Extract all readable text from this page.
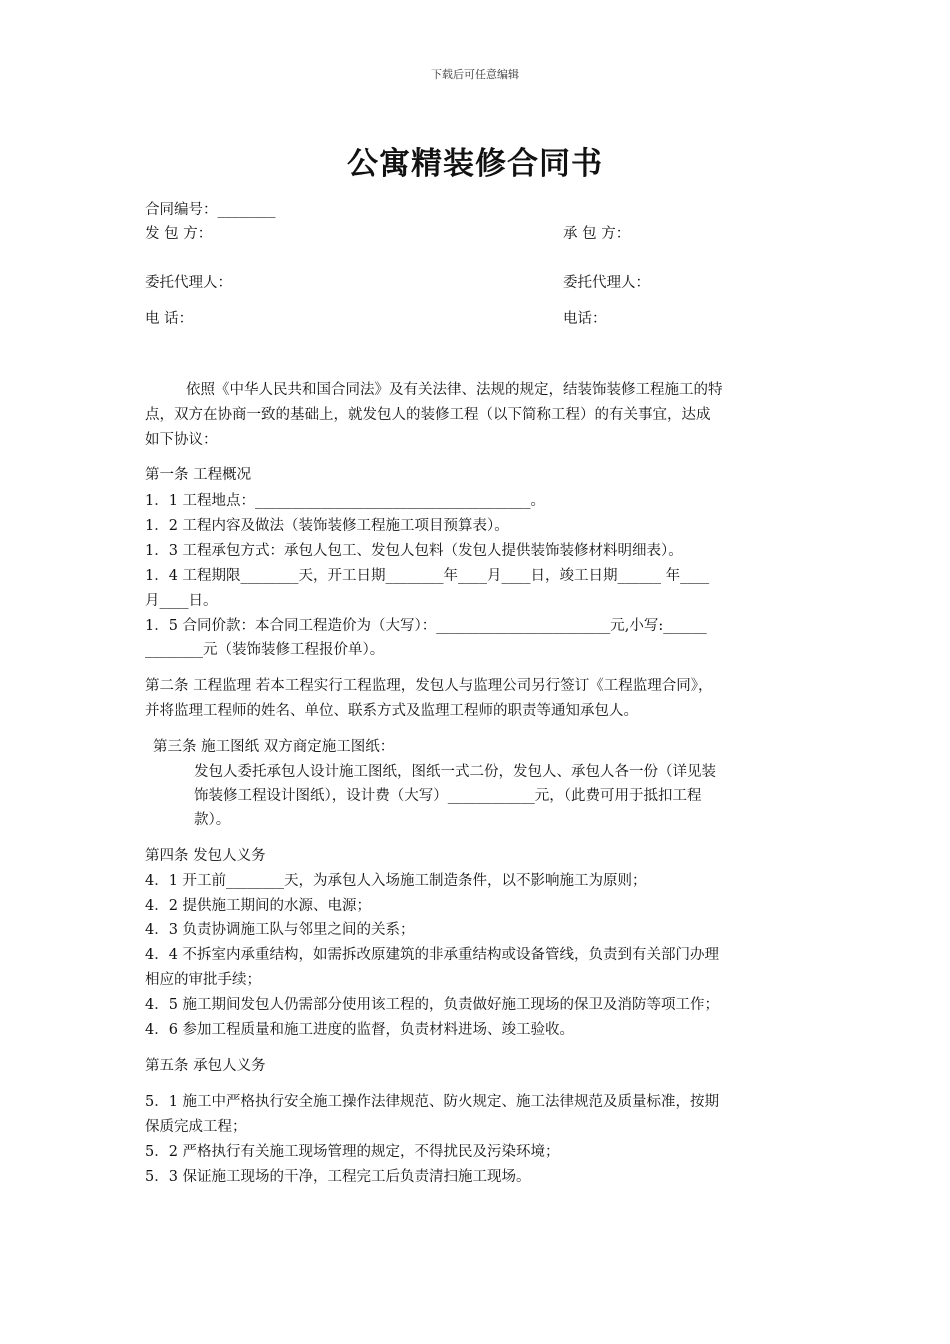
下载后可任意编辑
公寓精装修合同书
合同编号：________
发 包 方：	承 包 方：
委托代理人：	委托代理人：
电 话：	电话：
依照《中华人民共和国合同法》及有关法律、法规的规定，结装饰装修工程施工的特
点，双方在协商一致的基础上，就发包人的装修工程（以下简称工程）的有关事宜，达成
如下协议：
第一条 工程概况
1．1 工程地点：______________________________________。
1．2 工程内容及做法（装饰装修工程施工项目预算表）。
1．3 工程承包方式：承包人包工、发包人包料（发包人提供装饰装修材料明细表）。
1．4 工程期限________天，开工日期________年____月____日，竣工日期______ 年____
月____日。
1．5 合同价款：本合同工程造价为（大写）：________________________元,小写:______
________元（装饰装修工程报价单）。
第二条 工程监理 若本工程实行工程监理，发包人与监理公司另行签订《工程监理合同》，
并将监理工程师的姓名、单位、联系方式及监理工程师的职责等通知承包人。
第三条 施工图纸 双方商定施工图纸：
发包人委托承包人设计施工图纸，图纸一式二份，发包人、承包人各一份（详见装
饰装修工程设计图纸），设计费（大写）____________元，（此费可用于抵扣工程
款）。
第四条 发包人义务
4．1 开工前________天，为承包人入场施工制造条件，以不影响施工为原则；
4．2 提供施工期间的水源、电源；
4．3 负责协调施工队与邻里之间的关系；
4．4 不拆室内承重结构，如需拆改原建筑的非承重结构或设备管线，负责到有关部门办理
相应的审批手续；
4．5 施工期间发包人仍需部分使用该工程的，负责做好施工现场的保卫及消防等项工作；
4．6 参加工程质量和施工进度的监督，负责材料进场、竣工验收。
第五条 承包人义务
5．1 施工中严格执行安全施工操作法律规范、防火规定、施工法律规范及质量标准，按期
保质完成工程；
5．2 严格执行有关施工现场管理的规定，不得扰民及污染环境；
5．3 保证施工现场的干净，工程完工后负责清扫施工现场。
